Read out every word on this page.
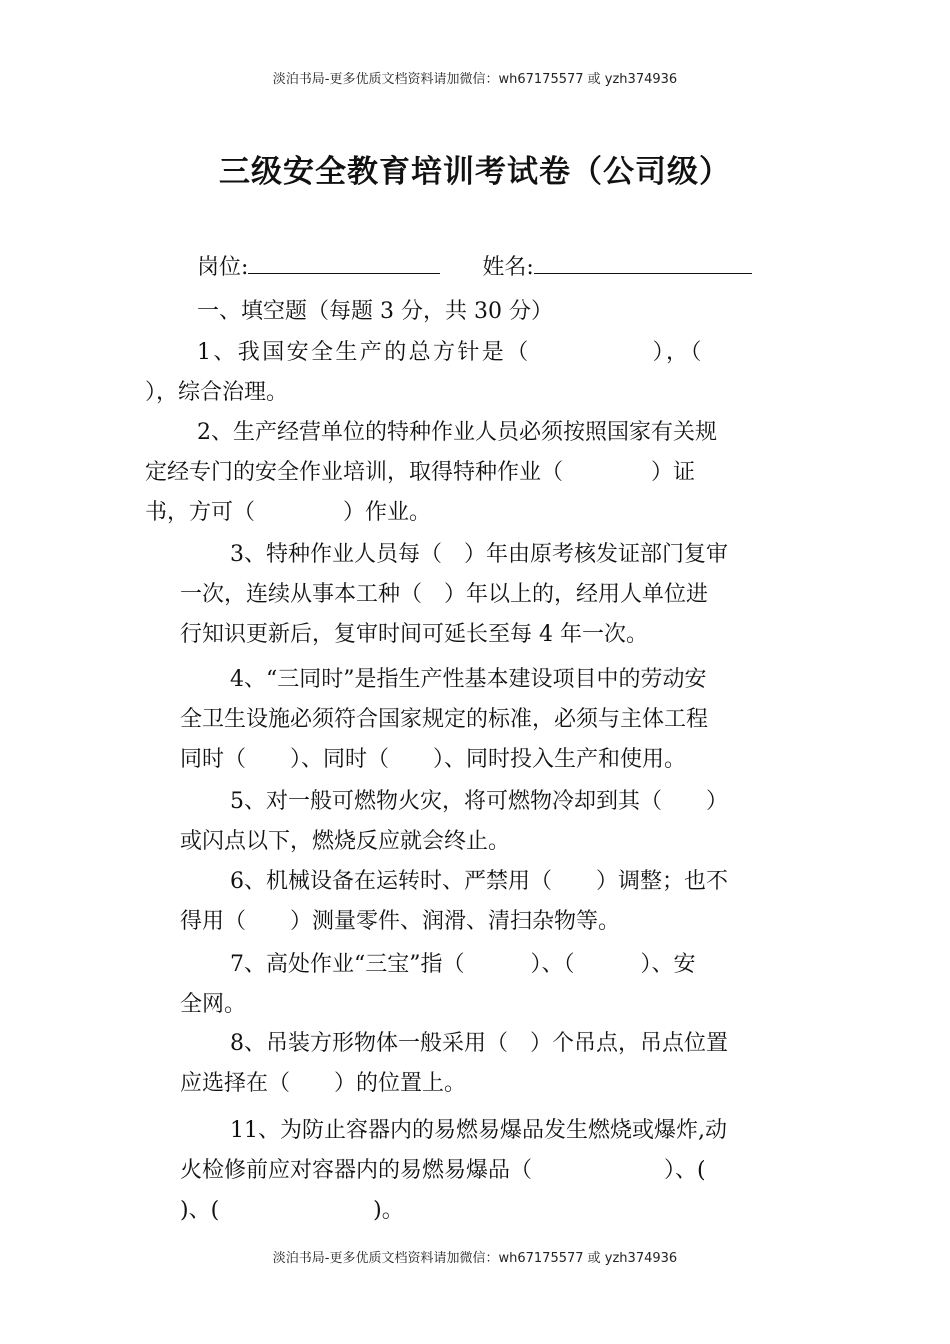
淡泊书局-更多优质文档资料请加微信：wh67175577 或 yzh374936
三级安全教育培训考试卷（公司级）
岗位:	姓名:
一、填空题（每题 3 分，共 30 分）
1、我国安全生产的总方针是（　　　　　），（
），综合治理。
2、生产经营单位的特种作业人员必须按照国家有关规
定经专门的安全作业培训，取得特种作业（　　　　）证
书，方可（　　　　）作业。
3、特种作业人员每（　）年由原考核发证部门复审
一次，连续从事本工种（　）年以上的，经用人单位进
行知识更新后，复审时间可延长至每 4 年一次。
4、“三同时”是指生产性基本建设项目中的劳动安
全卫生设施必须符合国家规定的标准，必须与主体工程
同时（　　）、同时（　　）、同时投入生产和使用。
5、对一般可燃物火灾，将可燃物冷却到其（　　）
或闪点以下，燃烧反应就会终止。
6、机械设备在运转时、严禁用（　　）调整；也不
得用（　　）测量零件、润滑、清扫杂物等。
7、高处作业“三宝”指（　　　）、（　　　）、安
全网。
8、吊装方形物体一般采用（　）个吊点，吊点位置
应选择在（　　）的位置上。
11、为防止容器内的易燃易爆品发生燃烧或爆炸,动
火检修前应对容器内的易燃易爆品（　　　　　　）、(
)、(　　　　　　　)。
淡泊书局-更多优质文档资料请加微信：wh67175577 或 yzh374936
